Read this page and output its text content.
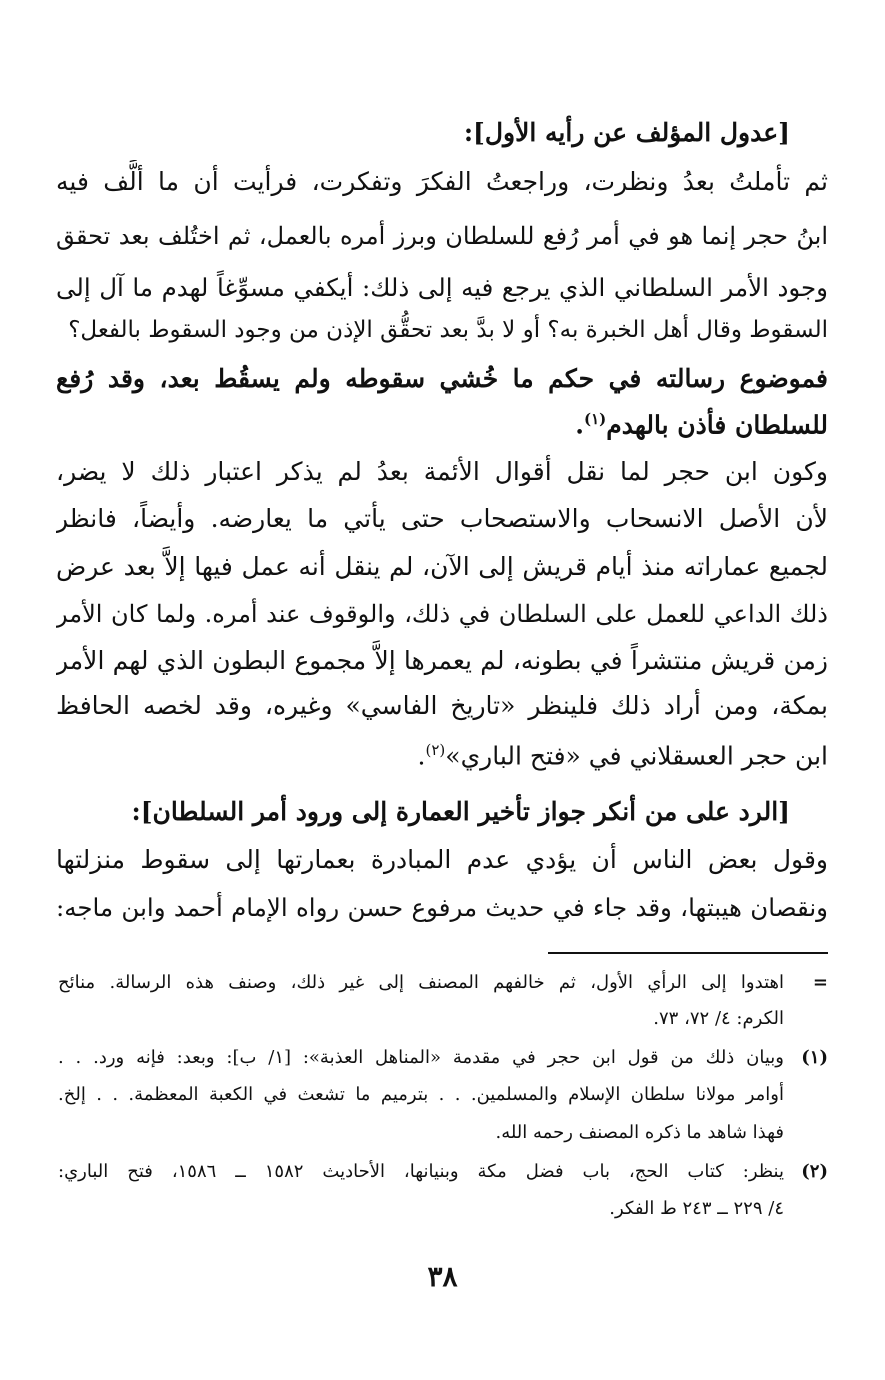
[عدول المؤلف عن رأيه الأول]:
ثم تأملتُ بعدُ ونظرت، وراجعتُ الفكرَ وتفكرت، فرأيت أن ما ألَّف فيه
ابنُ حجر إنما هو في أمر رُفع للسلطان وبرز أمره بالعمل، ثم اختُلف بعد تحقق
وجود الأمر السلطاني الذي يرجع فيه إلى ذلك: أيكفي مسوِّغاً لهدم ما آل إلى
السقوط وقال أهل الخبرة به؟ أو لا بدَّ بعد تحقُّق الإذن من وجود السقوط بالفعل؟
فموضوع رسالته في حكم ما خُشي سقوطه ولم يسقُط بعد، وقد رُفع
للسلطان فأذن بالهدم$^{(١)}$.
وكون ابن حجر لما نقل أقوال الأئمة بعدُ لم يذكر اعتبار ذلك لا يضر،
لأن الأصل الانسحاب والاستصحاب حتى يأتي ما يعارضه. وأيضاً، فانظر
لجميع عماراته منذ أيام قريش إلى الآن، لم ينقل أنه عمل فيها إلاَّ بعد عرض
ذلك الداعي للعمل على السلطان في ذلك، والوقوف عند أمره. ولما كان الأمر
زمن قريش منتشراً في بطونه، لم يعمرها إلاَّ مجموع البطون الذي لهم الأمر
بمكة، ومن أراد ذلك فلينظر «تاريخ الفاسي» وغيره، وقد لخصه الحافظ
ابن حجر العسقلاني في «فتح الباري»$^{(٢)}$.
[الرد على من أنكر جواز تأخير العمارة إلى ورود أمر السلطان]:
وقول بعض الناس أن يؤدي عدم المبادرة بعمارتها إلى سقوط منزلتها
ونقصان هيبتها، وقد جاء في حديث مرفوع حسن رواه الإمام أحمد وابن ماجه:
=
اهتدوا إلى الرأي الأول، ثم خالفهم المصنف إلى غير ذلك، وصنف هذه الرسالة. منائح
الكرم: ٤/ ٧٢، ٧٣.
(١)
وبيان ذلك من قول ابن حجر في مقدمة «المناهل العذبة»: [١/ ب]: وبعد: فإنه ورد. . .
أوامر مولانا سلطان الإسلام والمسلمين. . . بترميم ما تشعث في الكعبة المعظمة. . . إلخ.
فهذا شاهد ما ذكره المصنف رحمه الله.
(٢)
ينظر: كتاب الحج، باب فضل مكة وبنيانها، الأحاديث ١٥٨٢ ــ ١٥٨٦، فتح الباري:
٤/ ٢٢٩ ــ ٢٤٣ ط الفكر.
٣٨
